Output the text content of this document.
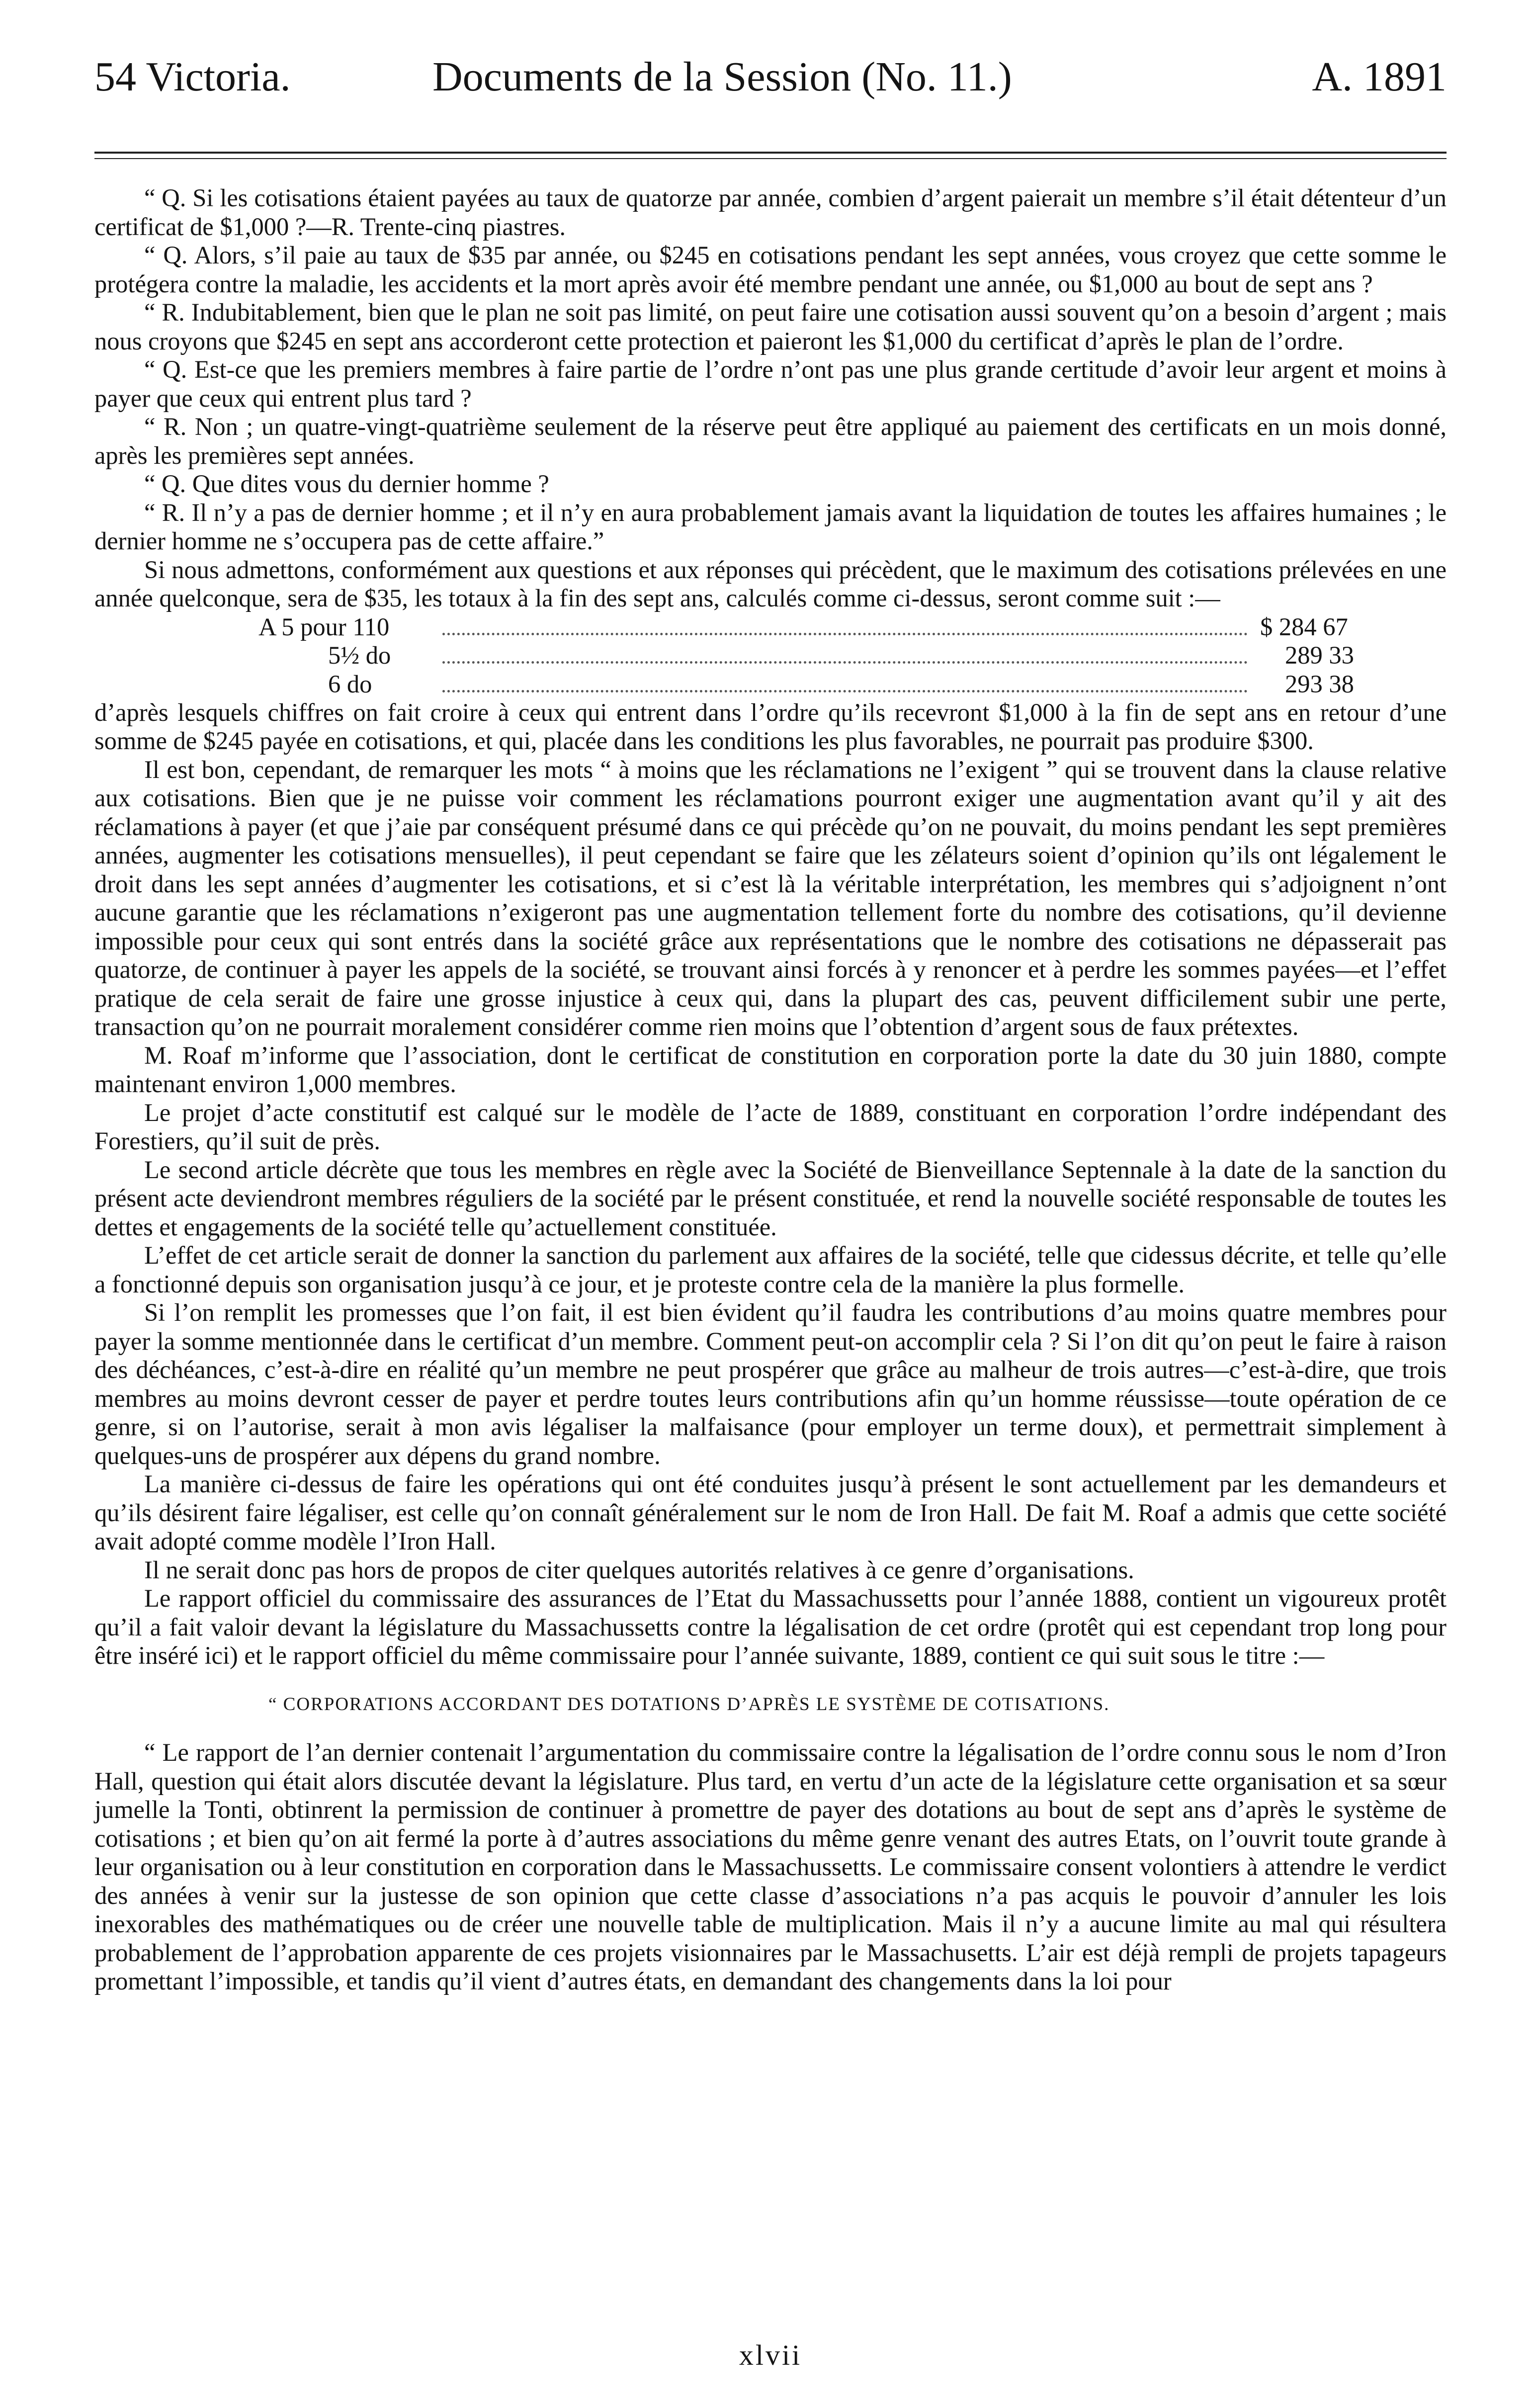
54 Victoria.	Documents de la Session (No. 11.)	A. 1891

“ Q. Si les cotisations étaient payées au taux de quatorze par année, combien d’argent paierait un membre s’il était détenteur d’un certificat de $1,000 ?—R. Trente-cinq piastres.

“ Q. Alors, s’il paie au taux de $35 par année, ou $245 en cotisations pendant les sept années, vous croyez que cette somme le protégera contre la maladie, les accidents et la mort après avoir été membre pendant une année, ou $1,000 au bout de sept ans ?

“ R. Indubitablement, bien que le plan ne soit pas limité, on peut faire une cotisation aussi souvent qu’on a besoin d’argent ; mais nous croyons que $245 en sept ans accorderont cette protection et paieront les $1,000 du certificat d’après le plan de l’ordre.

“ Q. Est-ce que les premiers membres à faire partie de l’ordre n’ont pas une plus grande certitude d’avoir leur argent et moins à payer que ceux qui entrent plus tard ?

“ R. Non ; un quatre-vingt-quatrième seulement de la réserve peut être appliqué au paiement des certificats en un mois donné, après les premières sept années.

“ Q. Que dites vous du dernier homme ?

“ R. Il n’y a pas de dernier homme ; et il n’y en aura probablement jamais avant la liquidation de toutes les affaires humaines ; le dernier homme ne s’occupera pas de cette affaire.”

Si nous admettons, conformément aux questions et aux réponses qui précèdent, que le maximum des cotisations prélevées en une année quelconque, sera de $35, les totaux à la fin des sept ans, calculés comme ci-dessus, seront comme suit :—

A 5 pour 110	$ 284 67
5½ do	289 33
6 do	293 38

d’après lesquels chiffres on fait croire à ceux qui entrent dans l’ordre qu’ils recevront $1,000 à la fin de sept ans en retour d’une somme de $245 payée en cotisations, et qui, placée dans les conditions les plus favorables, ne pourrait pas produire $300.

Il est bon, cependant, de remarquer les mots “ à moins que les réclamations ne l’exigent ” qui se trouvent dans la clause relative aux cotisations. Bien que je ne puisse voir comment les réclamations pourront exiger une augmentation avant qu’il y ait des réclamations à payer (et que j’aie par conséquent présumé dans ce qui précède qu’on ne pouvait, du moins pendant les sept premières années, augmenter les cotisations mensuelles), il peut cependant se faire que les zélateurs soient d’opinion qu’ils ont légalement le droit dans les sept années d’augmenter les cotisations, et si c’est là la véritable interprétation, les membres qui s’adjoignent n’ont aucune garantie que les réclamations n’exigeront pas une augmentation tellement forte du nombre des cotisations, qu’il devienne impossible pour ceux qui sont entrés dans la société grâce aux représentations que le nombre des cotisations ne dépasserait pas quatorze, de continuer à payer les appels de la société, se trouvant ainsi forcés à y renoncer et à perdre les sommes payées—et l’effet pratique de cela serait de faire une grosse injustice à ceux qui, dans la plupart des cas, peuvent difficilement subir une perte, transaction qu’on ne pourrait moralement considérer comme rien moins que l’obtention d’argent sous de faux prétextes.

M. Roaf m’informe que l’association, dont le certificat de constitution en corporation porte la date du 30 juin 1880, compte maintenant environ 1,000 membres.

Le projet d’acte constitutif est calqué sur le modèle de l’acte de 1889, constituant en corporation l’ordre indépendant des Forestiers, qu’il suit de près.

Le second article décrète que tous les membres en règle avec la Société de Bienveillance Septennale à la date de la sanction du présent acte deviendront membres réguliers de la société par le présent constituée, et rend la nouvelle société responsable de toutes les dettes et engagements de la société telle qu’actuellement constituée.

L’effet de cet article serait de donner la sanction du parlement aux affaires de la société, telle que cidessus décrite, et telle qu’elle a fonctionné depuis son organisation jusqu’à ce jour, et je proteste contre cela de la manière la plus formelle.

Si l’on remplit les promesses que l’on fait, il est bien évident qu’il faudra les contributions d’au moins quatre membres pour payer la somme mentionnée dans le certificat d’un membre. Comment peut-on accomplir cela ? Si l’on dit qu’on peut le faire à raison des déchéances, c’est-à-dire en réalité qu’un membre ne peut prospérer que grâce au malheur de trois autres—c’est-à-dire, que trois membres au moins devront cesser de payer et perdre toutes leurs contributions afin qu’un homme réussisse—toute opération de ce genre, si on l’autorise, serait à mon avis légaliser la malfaisance (pour employer un terme doux), et permettrait simplement à quelques-uns de prospérer aux dépens du grand nombre.

La manière ci-dessus de faire les opérations qui ont été conduites jusqu’à présent le sont actuellement par les demandeurs et qu’ils désirent faire légaliser, est celle qu’on connaît généralement sur le nom de Iron Hall. De fait M. Roaf a admis que cette société avait adopté comme modèle l’Iron Hall.

Il ne serait donc pas hors de propos de citer quelques autorités relatives à ce genre d’organisations.

Le rapport officiel du commissaire des assurances de l’Etat du Massachussetts pour l’année 1888, contient un vigoureux protêt qu’il a fait valoir devant la législature du Massachussetts contre la légalisation de cet ordre (protêt qui est cependant trop long pour être inséré ici) et le rapport officiel du même commissaire pour l’année suivante, 1889, contient ce qui suit sous le titre :—

“ CORPORATIONS ACCORDANT DES DOTATIONS D’APRÈS LE SYSTÈME DE COTISATIONS.

“ Le rapport de l’an dernier contenait l’argumentation du commissaire contre la légalisation de l’ordre connu sous le nom d’Iron Hall, question qui était alors discutée devant la législature. Plus tard, en vertu d’un acte de la législature cette organisation et sa sœur jumelle la Tonti, obtinrent la permission de continuer à promettre de payer des dotations au bout de sept ans d’après le système de cotisations ; et bien qu’on ait fermé la porte à d’autres associations du même genre venant des autres Etats, on l’ouvrit toute grande à leur organisation ou à leur constitution en corporation dans le Massachussetts. Le commissaire consent volontiers à attendre le verdict des années à venir sur la justesse de son opinion que cette classe d’associations n’a pas acquis le pouvoir d’annuler les lois inexorables des mathématiques ou de créer une nouvelle table de multiplication. Mais il n’y a aucune limite au mal qui résultera probablement de l’approbation apparente de ces projets visionnaires par le Massachusetts. L’air est déjà rempli de projets tapageurs promettant l’impossible, et tandis qu’il vient d’autres états, en demandant des changements dans la loi pour

xlvii
